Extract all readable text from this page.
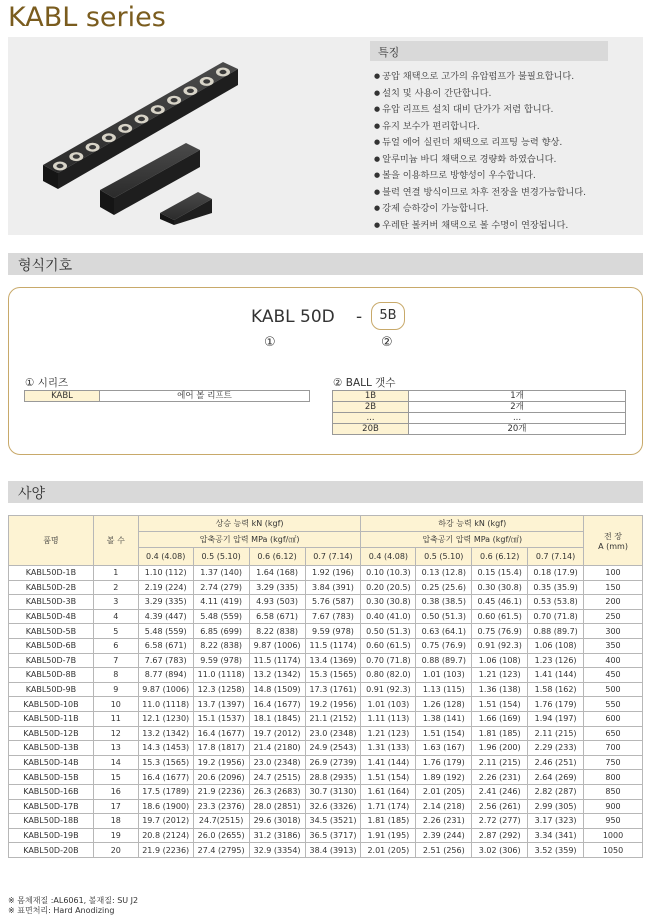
KABL series
특징
● 공압 채택으로 고가의 유압펌프가 불필요합니다.
● 설치 및 사용이 간단합니다.
● 유압 리프트 설치 대비 단가가 저렴 합니다.
● 유지 보수가 편리합니다.
● 듀얼 에어 실린더 채택으로 리프팅 능력 향상.
● 알루미늄 바디 채택으로 경량화 하였습니다.
● 볼을 이용하므로 방향성이 우수합니다.
● 블럭 연결 방식이므로 차후 전장을 변경가능합니다.
● 강제 승하강이 가능합니다.
● 우레탄 볼커버 채택으로 볼 수명이 연장됩니다.
형식기호
KABL 50D -	5B
①	②
① 시리즈
KABL	에어 볼 리프트
② BALL 갯수
1B	1개
2B	2개
...	...
20B	20개
사양
품명	볼 수	상승 능력 kN (kgf)				하강 능력 kN (kgf)				전 장
A (mm)
		압축공기 압력 MPa (kgf/㎠)				압축공기 압력 MPa (kgf/㎠)				
		0.4 (4.08)	0.5 (5.10)	0.6 (6.12)	0.7 (7.14)	0.4 (4.08)	0.5 (5.10)	0.6 (6.12)	0.7 (7.14)	
KABL50D-1B	1	1.10 (112)	1.37 (140)	1.64 (168)	1.92 (196)	0.10 (10.3)	0.13 (12.8)	0.15 (15.4)	0.18 (17.9)	100
KABL50D-2B	2	2.19 (224)	2.74 (279)	3.29 (335)	3.84 (391)	0.20 (20.5)	0.25 (25.6)	0.30 (30.8)	0.35 (35.9)	150
KABL50D-3B	3	3.29 (335)	4.11 (419)	4.93 (503)	5.76 (587)	0.30 (30.8)	0.38 (38.5)	0.45 (46.1)	0.53 (53.8)	200
KABL50D-4B	4	4.39 (447)	5.48 (559)	6.58 (671)	7.67 (783)	0.40 (41.0)	0.50 (51.3)	0.60 (61.5)	0.70 (71.8)	250
KABL50D-5B	5	5.48 (559)	6.85 (699)	8.22 (838)	9.59 (978)	0.50 (51.3)	0.63 (64.1)	0.75 (76.9)	0.88 (89.7)	300
KABL50D-6B	6	6.58 (671)	8.22 (838)	9.87 (1006)	11.5 (1174)	0.60 (61.5)	0.75 (76.9)	0.91 (92.3)	1.06 (108)	350
KABL50D-7B	7	7.67 (783)	9.59 (978)	11.5 (1174)	13.4 (1369)	0.70 (71.8)	0.88 (89.7)	1.06 (108)	1.23 (126)	400
KABL50D-8B	8	8.77 (894)	11.0 (1118)	13.2 (1342)	15.3 (1565)	0.80 (82.0)	1.01 (103)	1.21 (123)	1.41 (144)	450
KABL50D-9B	9	9.87 (1006)	12.3 (1258)	14.8 (1509)	17.3 (1761)	0.91 (92.3)	1.13 (115)	1.36 (138)	1.58 (162)	500
KABL50D-10B	10	11.0 (1118)	13.7 (1397)	16.4 (1677)	19.2 (1956)	1.01 (103)	1.26 (128)	1.51 (154)	1.76 (179)	550
KABL50D-11B	11	12.1 (1230)	15.1 (1537)	18.1 (1845)	21.1 (2152)	1.11 (113)	1.38 (141)	1.66 (169)	1.94 (197)	600
KABL50D-12B	12	13.2 (1342)	16.4 (1677)	19.7 (2012)	23.0 (2348)	1.21 (123)	1.51 (154)	1.81 (185)	2.11 (215)	650
KABL50D-13B	13	14.3 (1453)	17.8 (1817)	21.4 (2180)	24.9 (2543)	1.31 (133)	1.63 (167)	1.96 (200)	2.29 (233)	700
KABL50D-14B	14	15.3 (1565)	19.2 (1956)	23.0 (2348)	26.9 (2739)	1.41 (144)	1.76 (179)	2.11 (215)	2.46 (251)	750
KABL50D-15B	15	16.4 (1677)	20.6 (2096)	24.7 (2515)	28.8 (2935)	1.51 (154)	1.89 (192)	2.26 (231)	2.64 (269)	800
KABL50D-16B	16	17.5 (1789)	21.9 (2236)	26.3 (2683)	30.7 (3130)	1.61 (164)	2.01 (205)	2.41 (246)	2.82 (287)	850
KABL50D-17B	17	18.6 (1900)	23.3 (2376)	28.0 (2851)	32.6 (3326)	1.71 (174)	2.14 (218)	2.56 (261)	2.99 (305)	900
KABL50D-18B	18	19.7 (2012)	24.7(2515)	29.6 (3018)	34.5 (3521)	1.81 (185)	2.26 (231)	2.72 (277)	3.17 (323)	950
KABL50D-19B	19	20.8 (2124)	26.0 (2655)	31.2 (3186)	36.5 (3717)	1.91 (195)	2.39 (244)	2.87 (292)	3.34 (341)	1000
KABL50D-20B	20	21.9 (2236)	27.4 (2795)	32.9 (3354)	38.4 (3913)	2.01 (205)	2.51 (256)	3.02 (306)	3.52 (359)	1050
※ 몸체재질 :AL6061, 볼재질: SU J2
※ 표면처리: Hard Anodizing
